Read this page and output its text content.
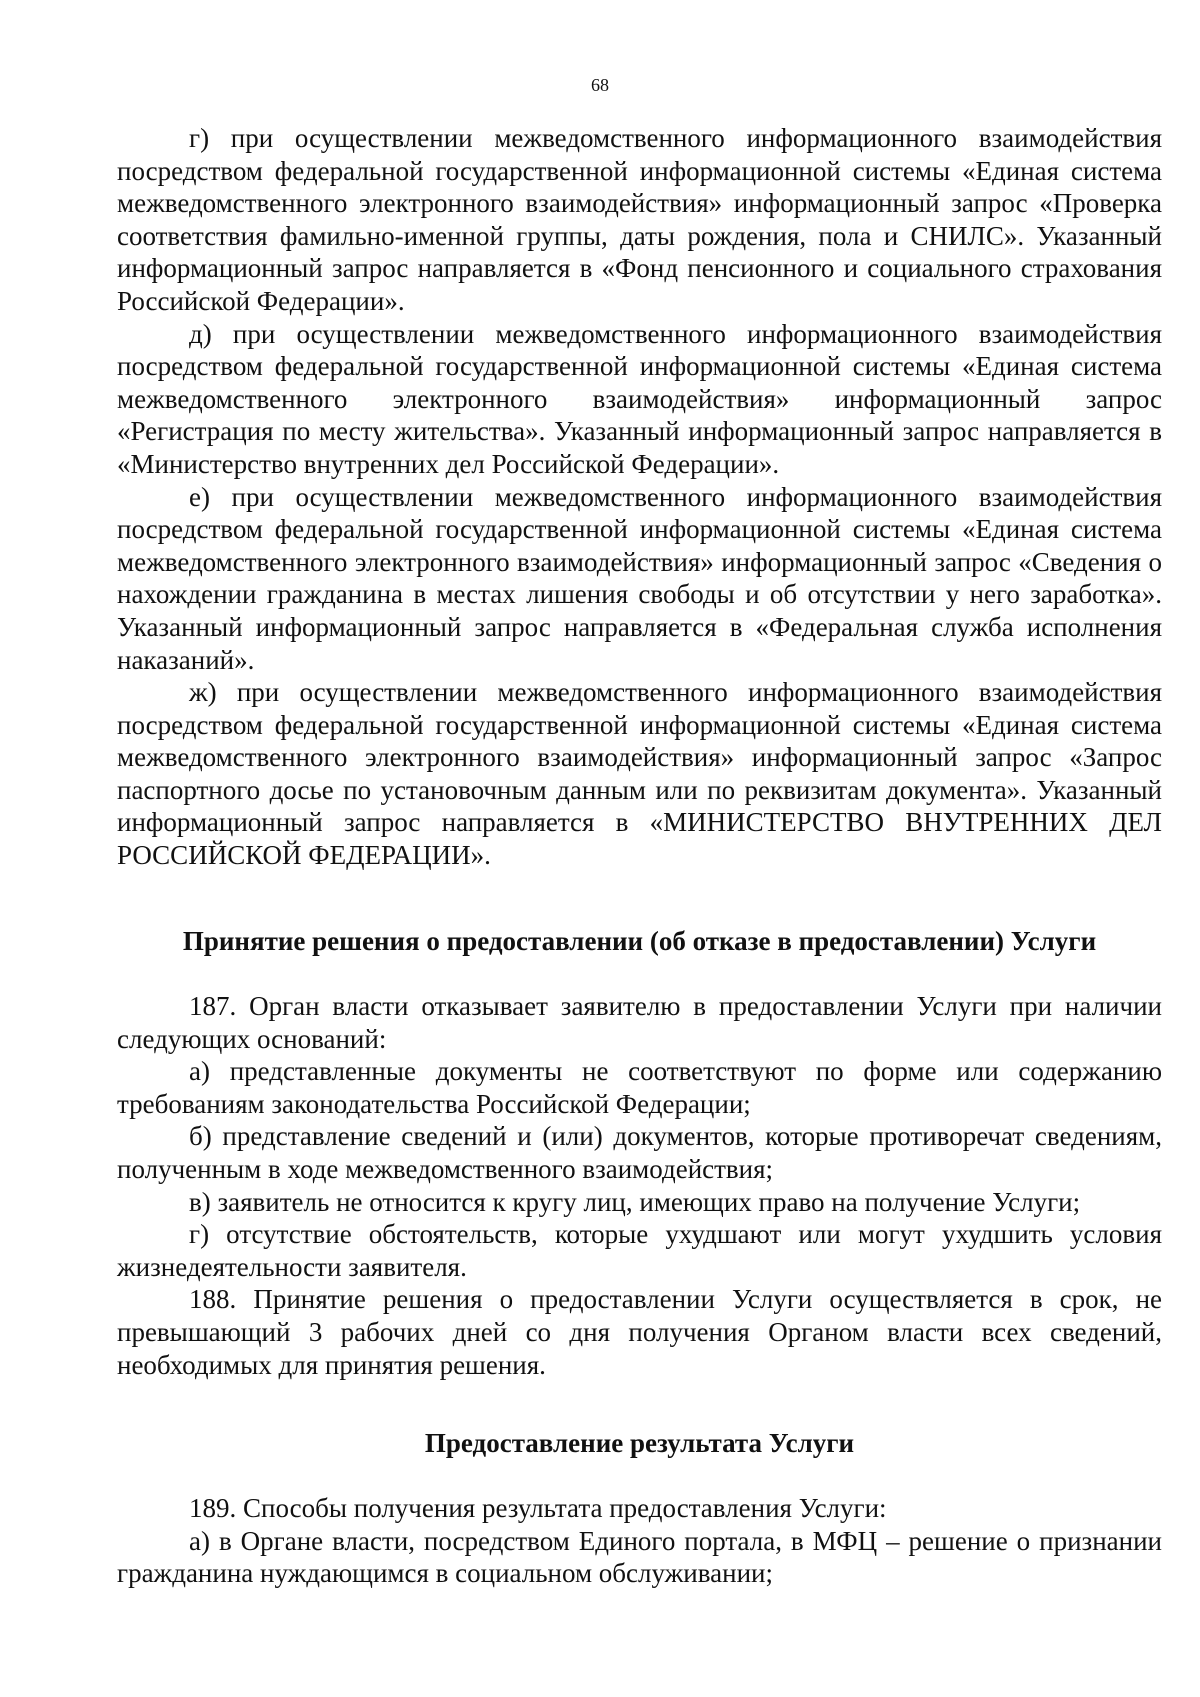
68

г) при осуществлении межведомственного информационного взаимодействия посредством федеральной государственной информационной системы «Единая система межведомственного электронного взаимодействия» информационный запрос «Проверка соответствия фамильно-именной группы, даты рождения, пола и СНИЛС». Указанный информационный запрос направляется в «Фонд пенсионного и социального страхования Российской Федерации».

д) при осуществлении межведомственного информационного взаимодействия посредством федеральной государственной информационной системы «Единая система межведомственного электронного взаимодействия» информационный запрос «Регистрация по месту жительства». Указанный информационный запрос направляется в «Министерство внутренних дел Российской Федерации».

е) при осуществлении межведомственного информационного взаимодействия посредством федеральной государственной информационной системы «Единая система межведомственного электронного взаимодействия» информационный запрос «Сведения о нахождении гражданина в местах лишения свободы и об отсутствии у него заработка». Указанный информационный запрос направляется в «Федеральная служба исполнения наказаний».

ж) при осуществлении межведомственного информационного взаимодействия посредством федеральной государственной информационной системы «Единая система межведомственного электронного взаимодействия» информационный запрос «Запрос паспортного досье по установочным данным или по реквизитам документа». Указанный информационный запрос направляется в «МИНИСТЕРСТВО ВНУТРЕННИХ ДЕЛ РОССИЙСКОЙ ФЕДЕРАЦИИ».

Принятие решения о предоставлении (об отказе в предоставлении) Услуги

187. Орган власти отказывает заявителю в предоставлении Услуги при наличии следующих оснований:

а) представленные документы не соответствуют по форме или содержанию требованиям законодательства Российской Федерации;

б) представление сведений и (или) документов, которые противоречат сведениям, полученным в ходе межведомственного взаимодействия;

в) заявитель не относится к кругу лиц, имеющих право на получение Услуги;

г) отсутствие обстоятельств, которые ухудшают или могут ухудшить условия жизнедеятельности заявителя.

188. Принятие решения о предоставлении Услуги осуществляется в срок, не превышающий 3 рабочих дней со дня получения Органом власти всех сведений, необходимых для принятия решения.

Предоставление результата Услуги

189. Способы получения результата предоставления Услуги:

а) в Органе власти, посредством Единого портала, в МФЦ – решение о признании гражданина нуждающимся в социальном обслуживании;
